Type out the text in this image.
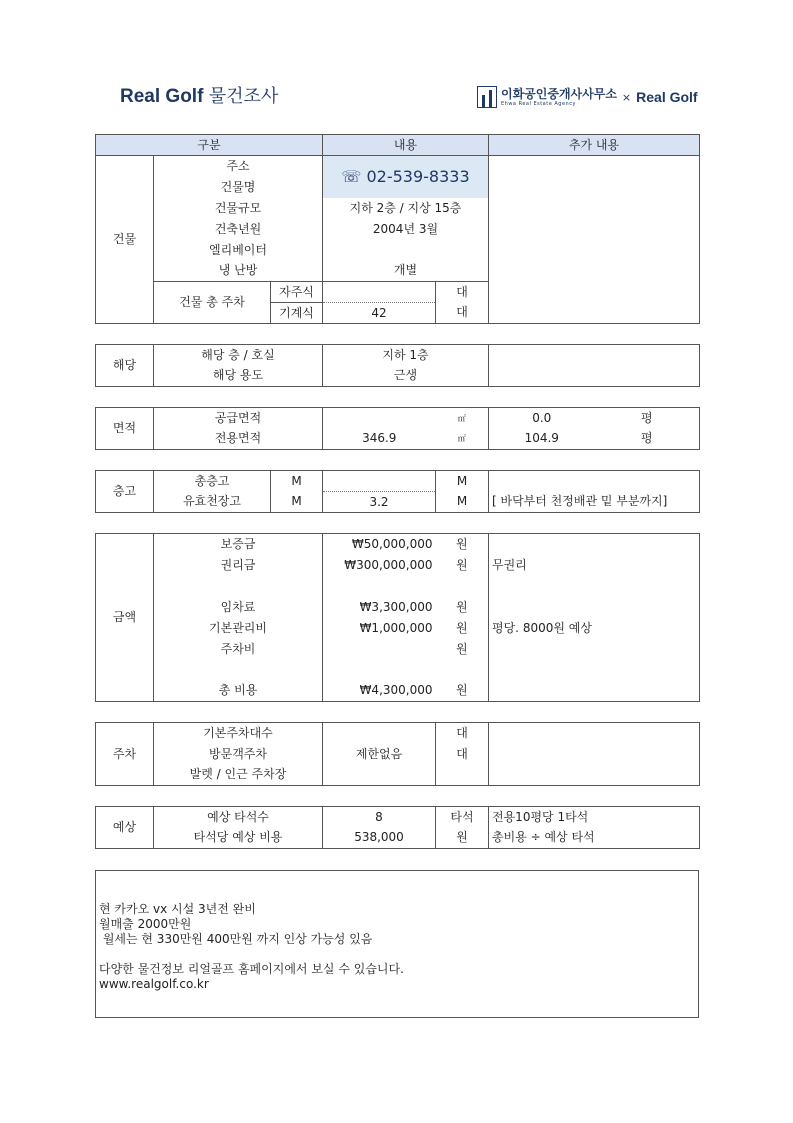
Real Golf 물건조사	이화공인중개사사무소
Ehwa Real Estate Agency
× Real Golf
구분			내용		추가 내용
건물	주소		☏ 02-539-8333		
	건물명				
	건물규모		지하 2층 / 지상 15층		
	건축년원		2004년 3월		
	엘리베이터				
	냉 난방		개별		
	건물 총 주차	자주식		대	
		기계식	42	대	
해당	해당 층 / 호실	지하 1층	
	해당 용도	근생	
면적	공급면적		㎡	0.0	평
	전용면적	346.9	㎡	104.9	평
층고	총층고	M		M	
	유효천장고	M	3.2	M	[ 바닥부터 천정배관 밑 부분까지]
금액	보증금	₩50,000,000	원	
	권리금	₩300,000,000	원	무권리

	임차료	₩3,300,000	원	
	기본관리비	₩1,000,000	원	평당. 8000원 예상
	주차비		원	

	총 비용	₩4,300,000	원	
주차	기본주차대수	제한없음	대	
	방문객주차		대	
	발렛 / 인근 주차장			
예상	예상 타석수	8	타석	전용10평당 1타석
	타석당 예상 비용	538,000	원	총비용 ÷ 예상 타석
현 카카오 vx 시설 3년전 완비
월매출 2000만원
월세는 현 330만원 400만원 까지 인상 가능성 있음
다양한 물건정보 리얼골프 홈페이지에서 보실 수 있습니다.
www.realgolf.co.kr
